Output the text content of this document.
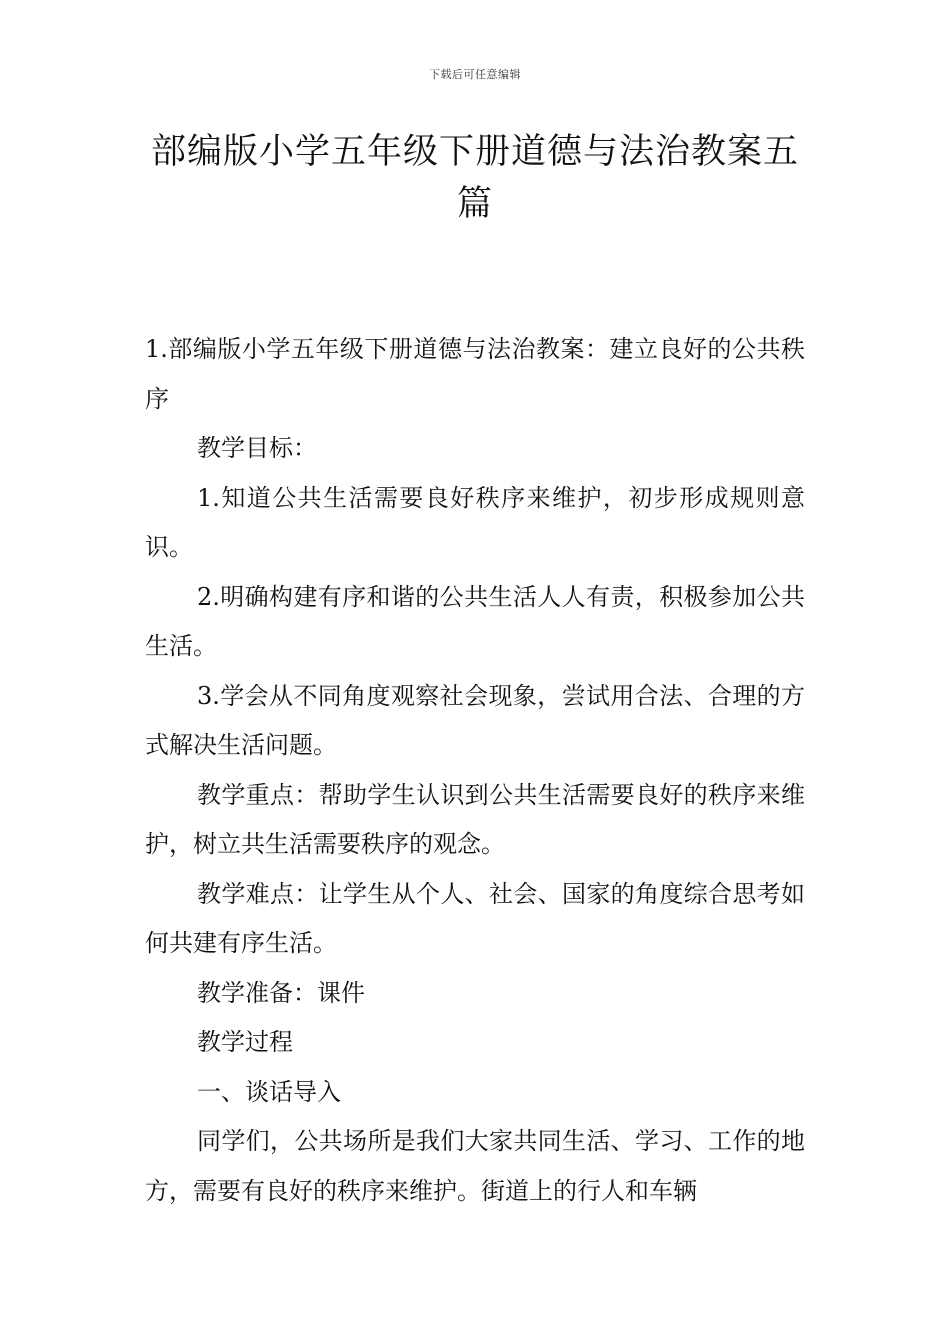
下载后可任意编辑
部编版小学五年级下册道德与法治教案五篇

1.部编版小学五年级下册道德与法治教案：建立良好的公共秩序

教学目标：

1.知道公共生活需要良好秩序来维护，初步形成规则意识。

2.明确构建有序和谐的公共生活人人有责，积极参加公共生活。

3.学会从不同角度观察社会现象，尝试用合法、合理的方式解决生活问题。

教学重点：帮助学生认识到公共生活需要良好的秩序来维护，树立共生活需要秩序的观念。

教学难点：让学生从个人、社会、国家的角度综合思考如何共建有序生活。

教学准备：课件

教学过程

一、谈话导入

同学们，公共场所是我们大家共同生活、学习、工作的地方，需要有良好的秩序来维护。街道上的行人和车辆
